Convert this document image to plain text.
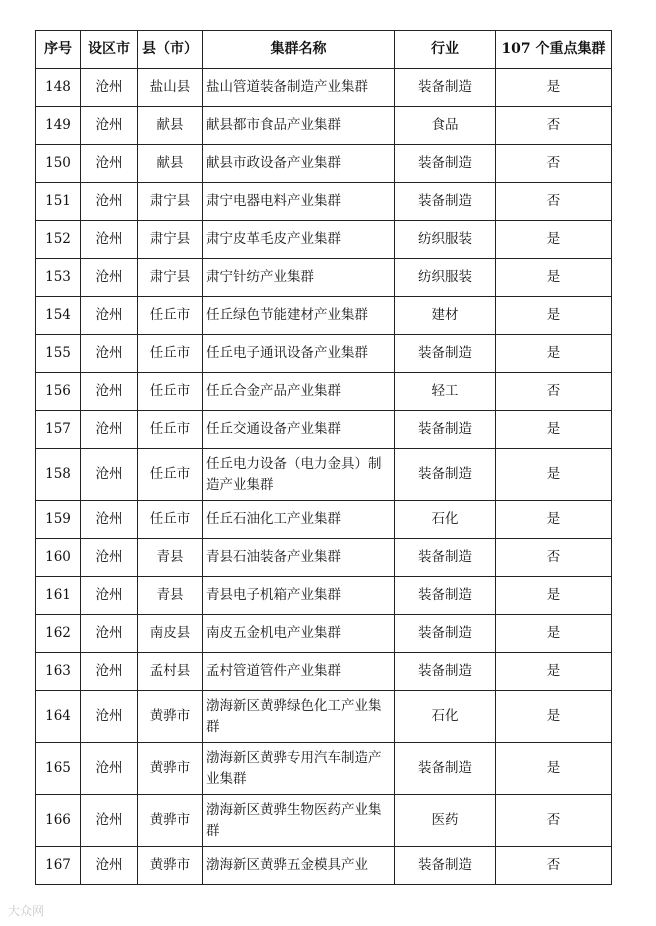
序号	设区市	县（市）	集群名称	行业	107 个重点集群
148	沧州	盐山县	盐山管道装备制造产业集群	装备制造	是
149	沧州	献县	献县都市食品产业集群	食品	否
150	沧州	献县	献县市政设备产业集群	装备制造	否
151	沧州	肃宁县	肃宁电器电料产业集群	装备制造	否
152	沧州	肃宁县	肃宁皮革毛皮产业集群	纺织服装	是
153	沧州	肃宁县	肃宁针纺产业集群	纺织服装	是
154	沧州	任丘市	任丘绿色节能建材产业集群	建材	是
155	沧州	任丘市	任丘电子通讯设备产业集群	装备制造	是
156	沧州	任丘市	任丘合金产品产业集群	轻工	否
157	沧州	任丘市	任丘交通设备产业集群	装备制造	是
158	沧州	任丘市	任丘电力设备（电力金具）制造产业集群	装备制造	是
159	沧州	任丘市	任丘石油化工产业集群	石化	是
160	沧州	青县	青县石油装备产业集群	装备制造	否
161	沧州	青县	青县电子机箱产业集群	装备制造	是
162	沧州	南皮县	南皮五金机电产业集群	装备制造	是
163	沧州	孟村县	孟村管道管件产业集群	装备制造	是
164	沧州	黄骅市	渤海新区黄骅绿色化工产业集群	石化	是
165	沧州	黄骅市	渤海新区黄骅专用汽车制造产业集群	装备制造	是
166	沧州	黄骅市	渤海新区黄骅生物医药产业集群	医药	否
167	沧州	黄骅市	渤海新区黄骅五金模具产业	装备制造	否
大众网
